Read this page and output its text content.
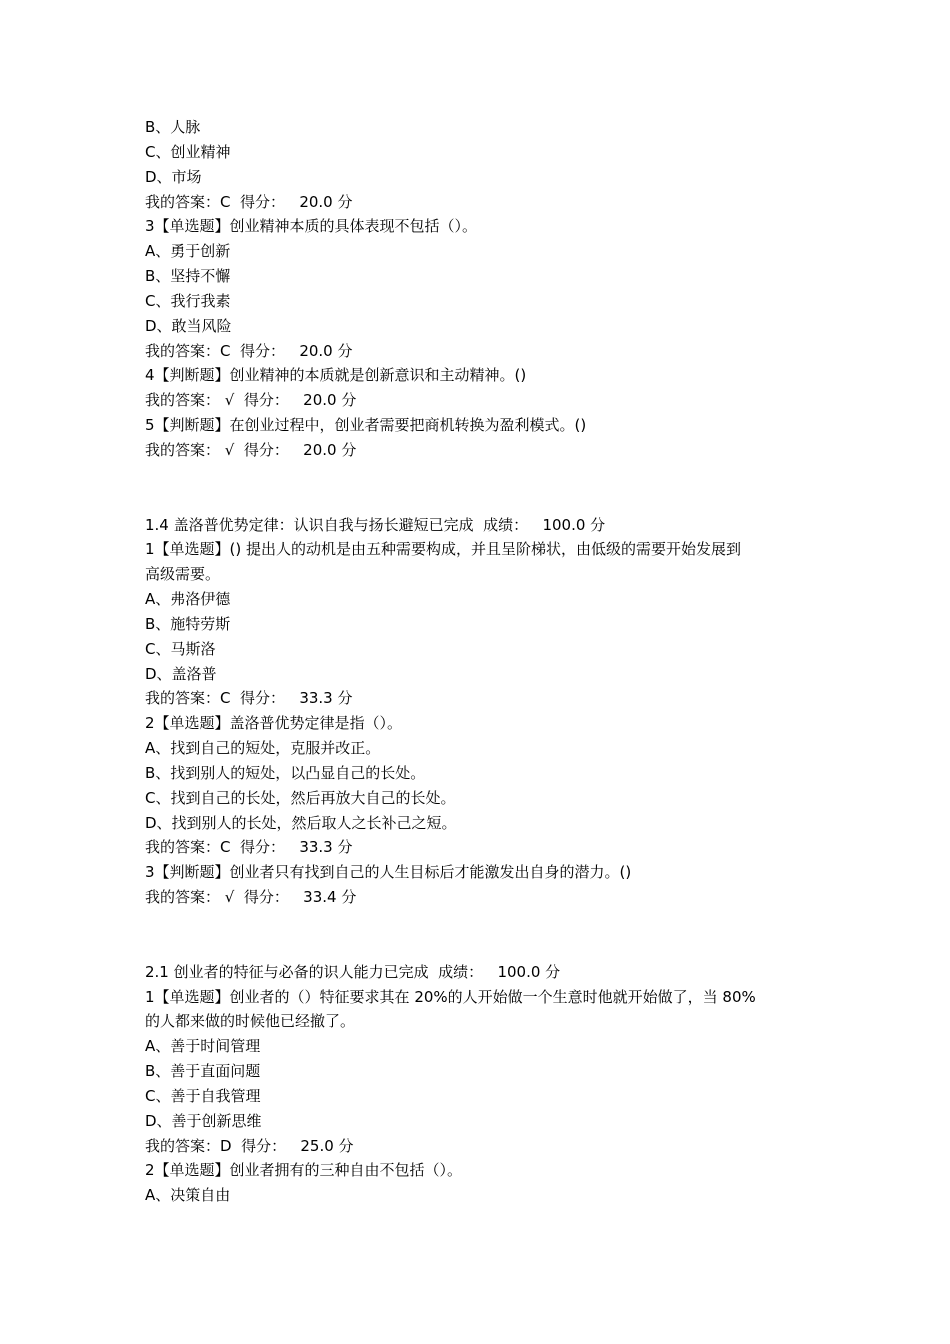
B、人脉
C、创业精神
D、市场
我的答案：C  得分：   20.0 分
3【单选题】创业精神本质的具体表现不包括（）。
A、勇于创新
B、坚持不懈
C、我行我素
D、敢当风险
我的答案：C  得分：   20.0 分
4【判断题】创业精神的本质就是创新意识和主动精神。()
我的答案： √  得分：   20.0 分
5【判断题】在创业过程中，创业者需要把商机转换为盈利模式。()
我的答案： √  得分：   20.0 分
1.4 盖洛普优势定律：认识自我与扬长避短已完成  成绩：   100.0 分
1【单选题】() 提出人的动机是由五种需要构成，并且呈阶梯状，由低级的需要开始发展到
高级需要。
A、弗洛伊德
B、施特劳斯
C、马斯洛
D、盖洛普
我的答案：C  得分：   33.3 分
2【单选题】盖洛普优势定律是指（）。
A、找到自己的短处，克服并改正。
B、找到别人的短处，以凸显自己的长处。
C、找到自己的长处，然后再放大自己的长处。
D、找到别人的长处，然后取人之长补己之短。
我的答案：C  得分：   33.3 分
3【判断题】创业者只有找到自己的人生目标后才能激发出自身的潜力。()
我的答案： √  得分：   33.4 分
2.1 创业者的特征与必备的识人能力已完成  成绩：   100.0 分
1【单选题】创业者的（）特征要求其在 20%的人开始做一个生意时他就开始做了，当 80%
的人都来做的时候他已经撤了。
A、善于时间管理
B、善于直面问题
C、善于自我管理
D、善于创新思维
我的答案：D  得分：   25.0 分
2【单选题】创业者拥有的三种自由不包括（）。
A、决策自由
